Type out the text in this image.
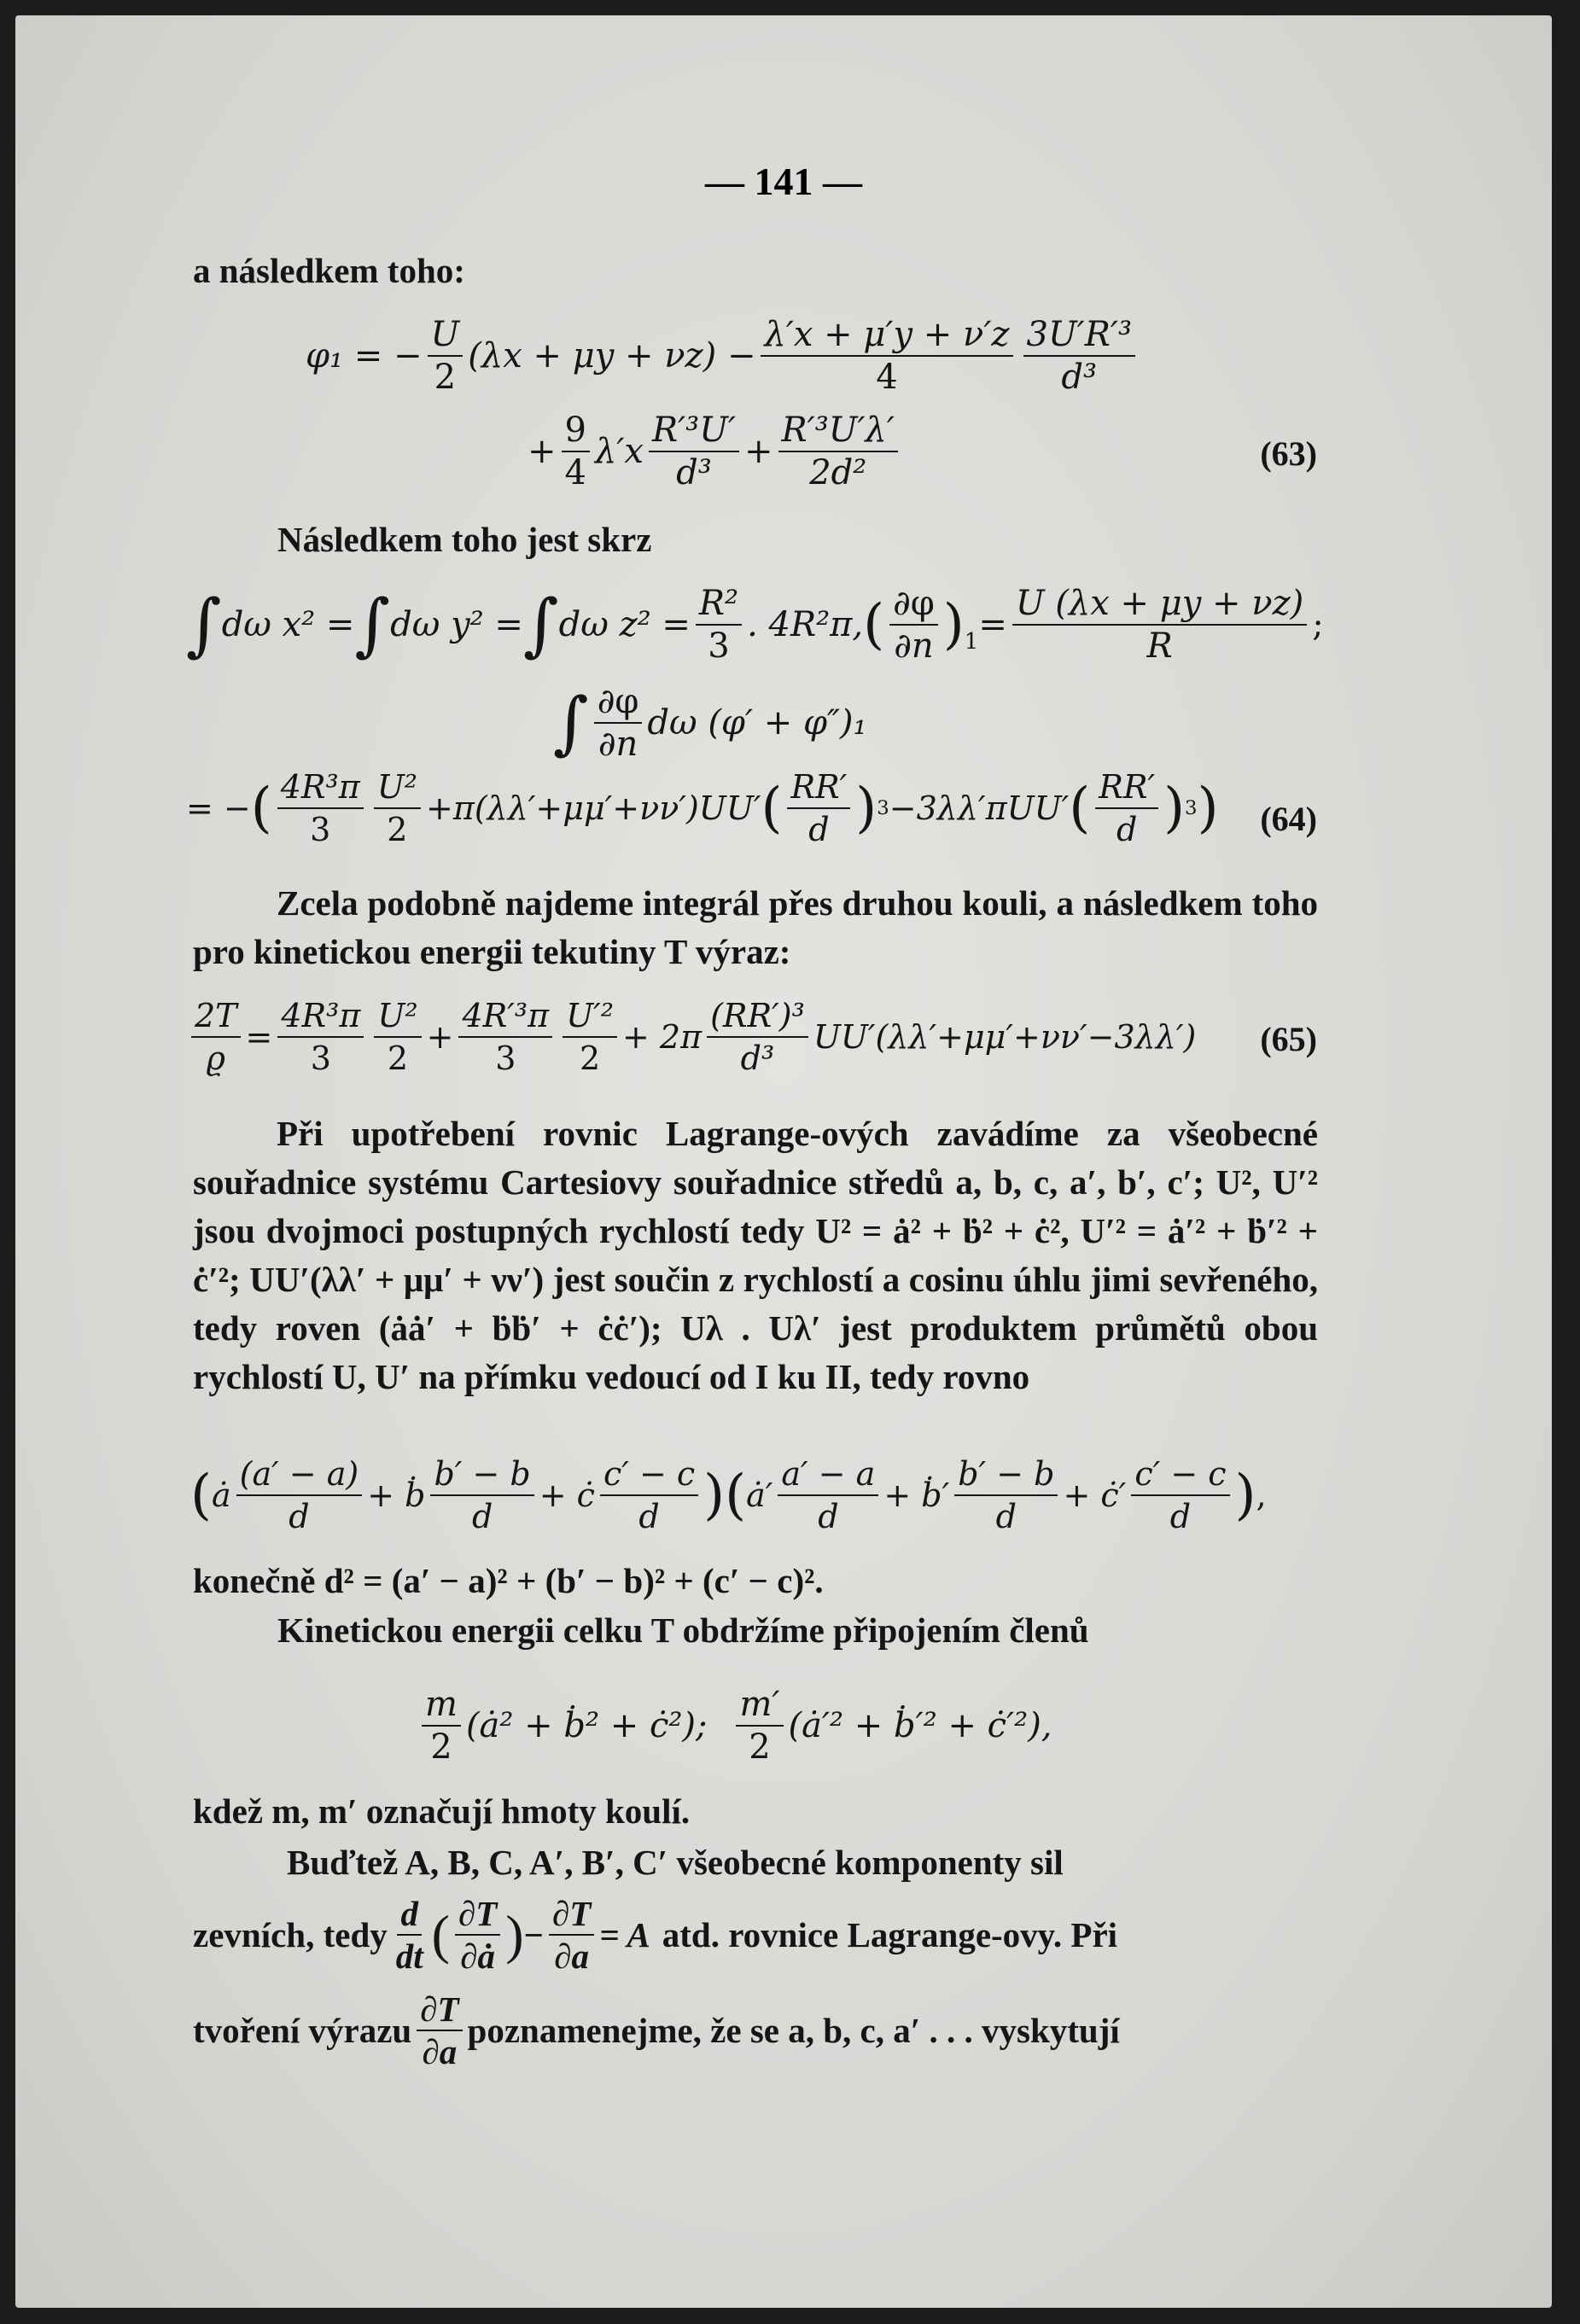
— 141 —
a následkem toho:
φ₁ = − $\frac{U}{2} (\lambda x + \mu y + \nu z) - \frac{\lambda'x + \mu'y + \nu'z}{4} \frac{\text{3U′R′³}}{\text{d³}}$
+ $\frac{9}{4} \lambda'x \frac{\text{R′³U′}}{\text{d³}} + \frac{\text{R′³U′λ′}}{\text{2d²}}$	(63)
Následkem toho jest skrz
∫ dω x² = ∫ dω y² = ∫ dω $z^2 = \frac{\text{R²}}{3}$ . 4R²π, ( $\frac{\partial\varphi}{\partial n}$ ) $1 = \frac{U (\lambda x + \mu y + \nu z)}{R}$ ;
∫ $\frac{\partial\varphi}{\partial n}$ dω (φ′ + φ″)₁
= − ( $\frac{\text{4R³π}}{3} \frac{\text{U²}}{2} +\pi(\lambda\lambda'+\mu\mu'+\nu\nu')UU'$ ( $\frac{RR'}{d}$ ) 3 −3λλ′πUU′ ( $\frac{RR'}{d}$ ) 3 ) (64)
Zcela podobně najdeme integrál přes druhou kouli, a následkem toho pro kinetickou energii tekutiny T výraz:
$\frac{2T}{ϱ} = \frac{\text{4R³π}}{3} \frac{\text{U²}}{2} + \frac{\text{4R′³π}}{3} \frac{\text{U′²}}{2} + 2\pi \frac{\text{(RR′)³}}{\text{d³}} UU'(\lambda\lambda'+\mu\mu'+\nu\nu'-3\lambda\lambda')$ (65)
Při upotřebení rovnic Lagrange-ových zavádíme za všeobecné souřadnice systému Cartesiovy souřadnice středů a, b, c, a′, b′, c′; U², U′² jsou dvojmoci postupných rychlostí tedy U² = ȧ² + ḃ² + ċ², U′² = ȧ′² + ḃ′² + ċ′²; UU′(λλ′ + μμ′ + νν′) jest součin z rychlostí a cosinu úhlu jimi sevřeného, tedy roven (ȧȧ′ + ḃḃ′ + ċċ′); Uλ . Uλ′ jest produktem průmětů obou rychlostí U, U′ na přímku vedoucí od I ku II, tedy rovno
( ȧ $\frac{(a' - a)}{d}$ + ḃ $\frac{b' - b}{d}$ + ċ $\frac{c' - c}{d}$ ) ( ȧ′ $\frac{a' - a}{d}$ + ḃ′ $\frac{b' - b}{d}$ + ċ′ $\frac{c' - c}{d}$ ) ,
konečně d² = (a′ − a)² + (b′ − b)² + (c′ − c)².
Kinetickou energii celku T obdržíme připojením členů
$\frac{m}{2}$ (ȧ² + ḃ² + ċ²); $\frac{m'}{2}$ (ȧ′² + ḃ′² + ċ′²),
kdež m, m′ označují hmoty koulí.
Buďtež A, B, C, A′, B′, C′ všeobecné komponenty sil
zevních, tedy $\frac{d}{dt}$ ( $\frac{\partial T}{\partial ȧ}$ ) − $\frac{\partial T}{\partial a} = A$ atd. rovnice Lagrange-ovy. Při
tvoření výrazu $\frac{\partial T}{\partial a}$ poznamenejme, že se a, b, c, a′ . . . vyskytují
